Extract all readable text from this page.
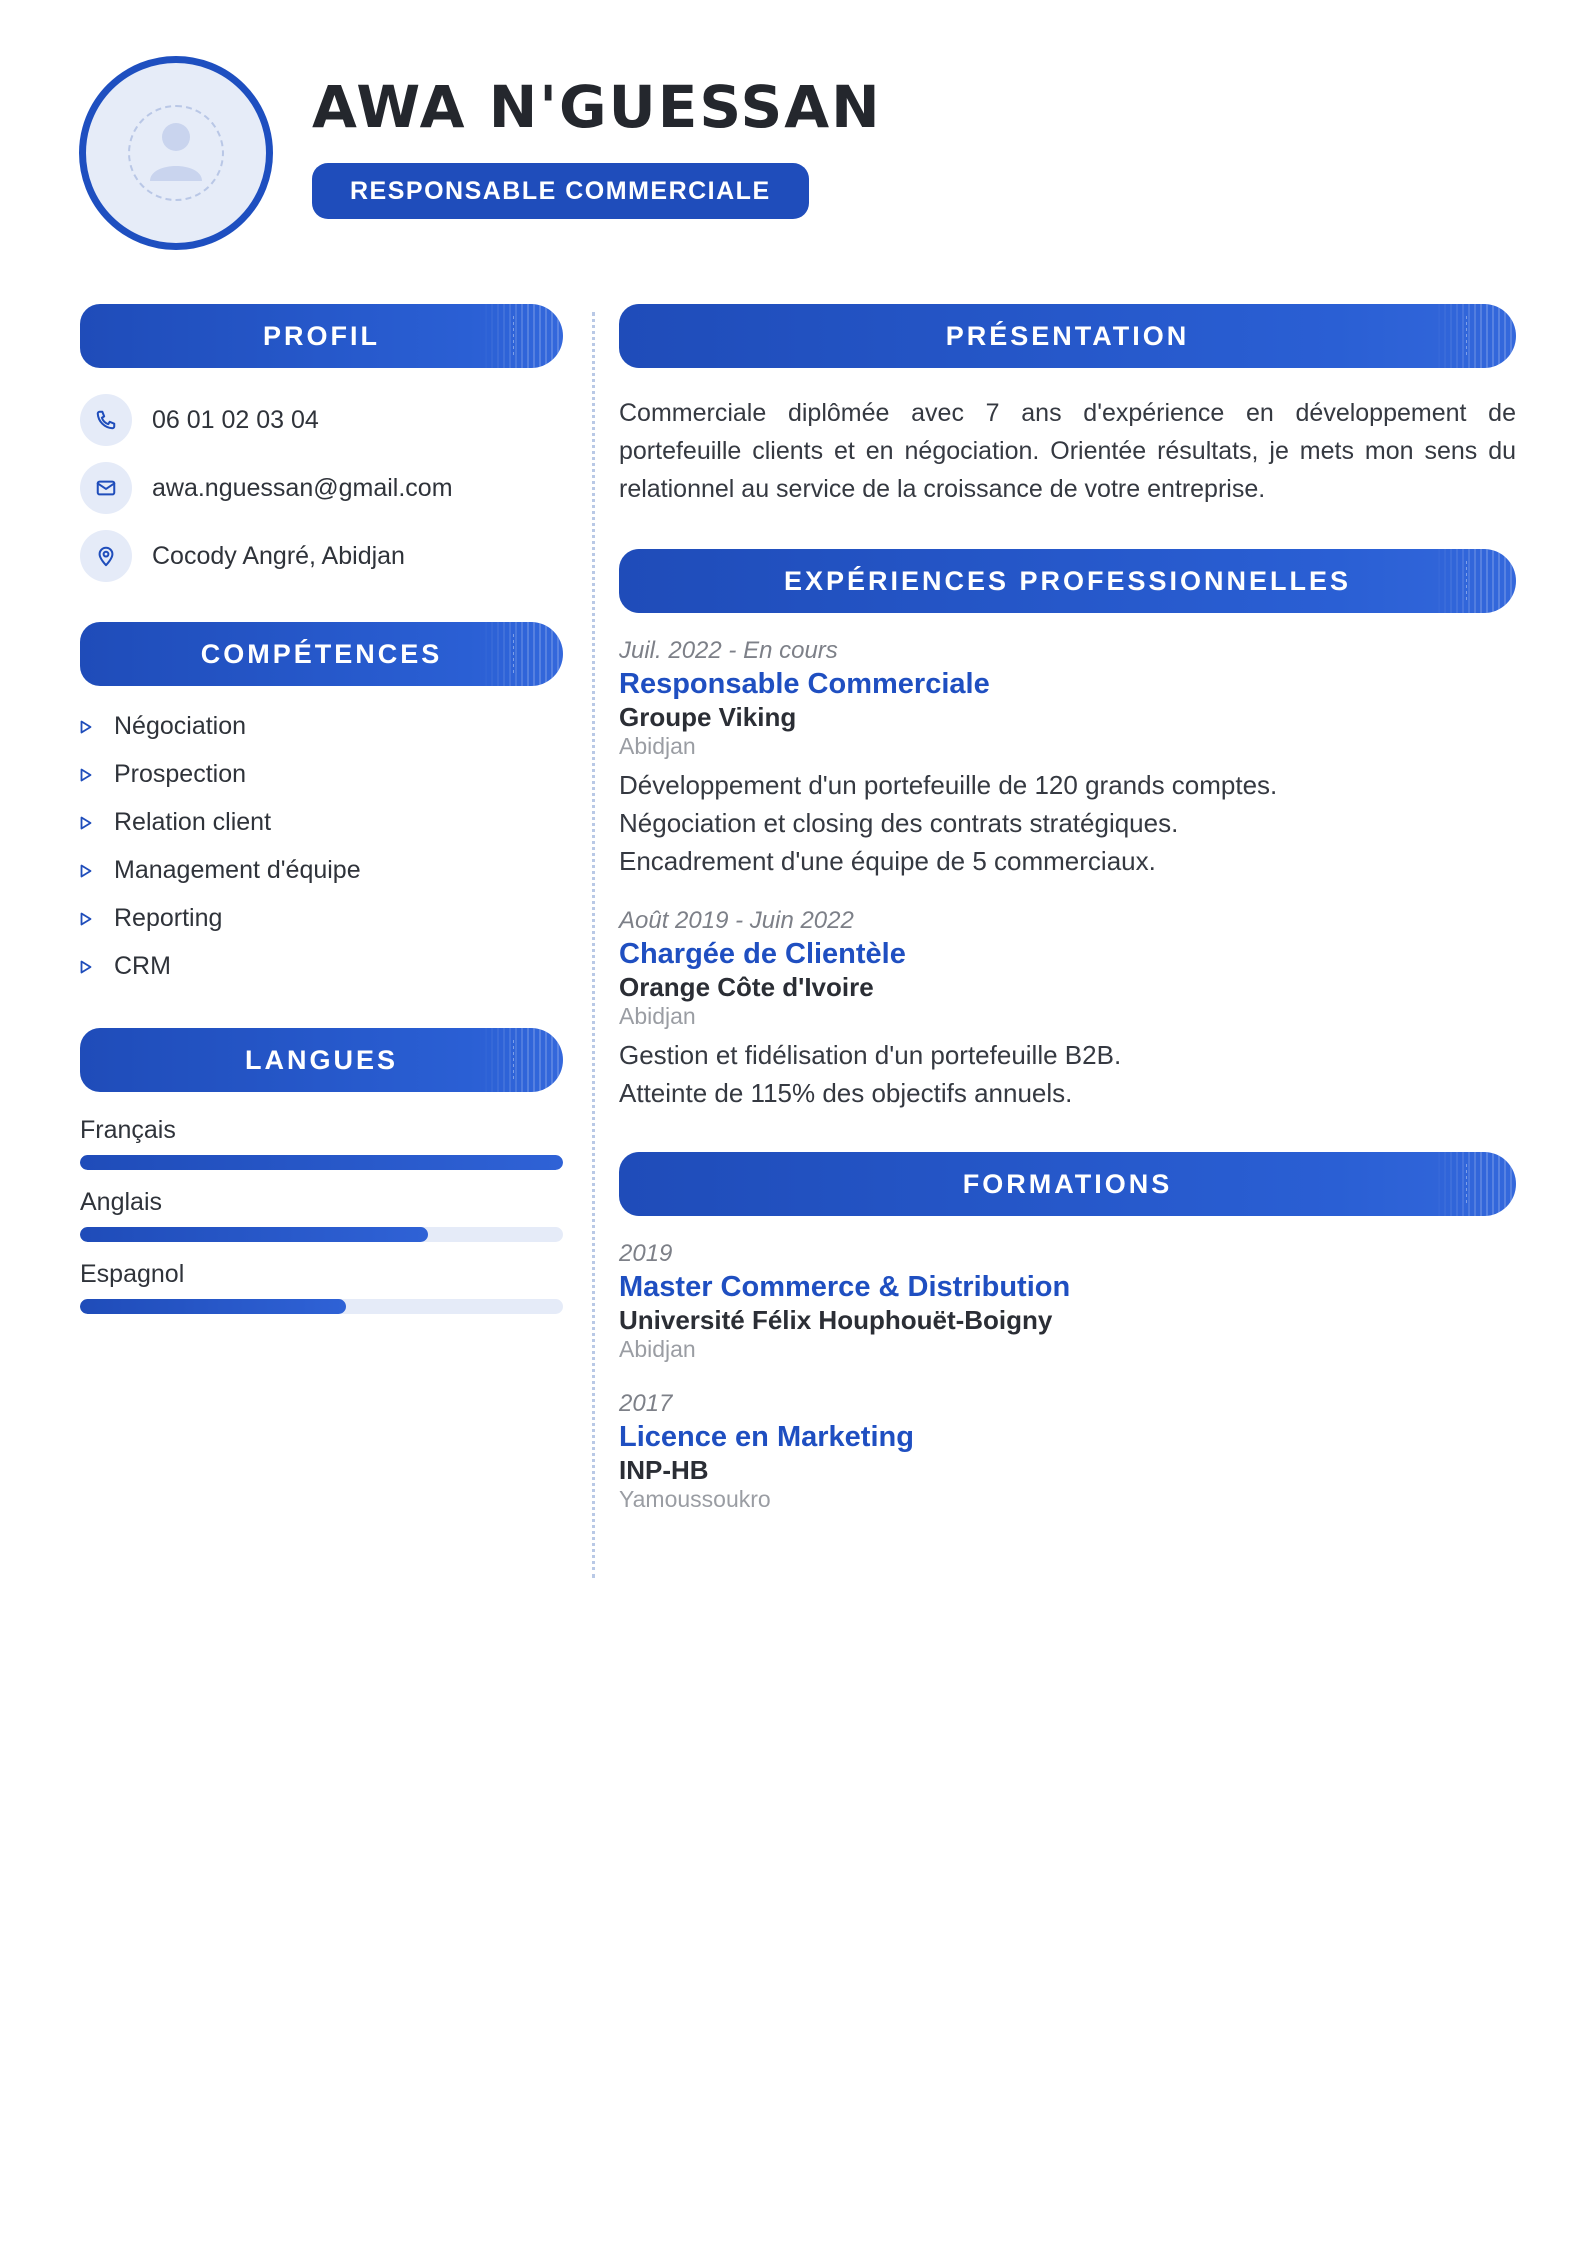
AWA N'GUESSAN
RESPONSABLE COMMERCIALE
PROFIL
06 01 02 03 04
awa.nguessan@gmail.com
Cocody Angré, Abidjan
COMPÉTENCES
Négociation
Prospection
Relation client
Management d'équipe
Reporting
CRM
LANGUES
Français
Anglais
Espagnol
PRÉSENTATION
Commerciale diplômée avec 7 ans d'expérience en développement de portefeuille clients et en négociation. Orientée résultats, je mets mon sens du relationnel au service de la croissance de votre entreprise.
EXPÉRIENCES PROFESSIONNELLES
Juil. 2022 - En cours
Responsable Commerciale
Groupe Viking
Abidjan
Développement d'un portefeuille de 120 grands comptes.
Négociation et closing des contrats stratégiques.
Encadrement d'une équipe de 5 commerciaux.
Août 2019 - Juin 2022
Chargée de Clientèle
Orange Côte d'Ivoire
Abidjan
Gestion et fidélisation d'un portefeuille B2B.
Atteinte de 115% des objectifs annuels.
FORMATIONS
2019
Master Commerce & Distribution
Université Félix Houphouët-Boigny
Abidjan
2017
Licence en Marketing
INP-HB
Yamoussoukro
